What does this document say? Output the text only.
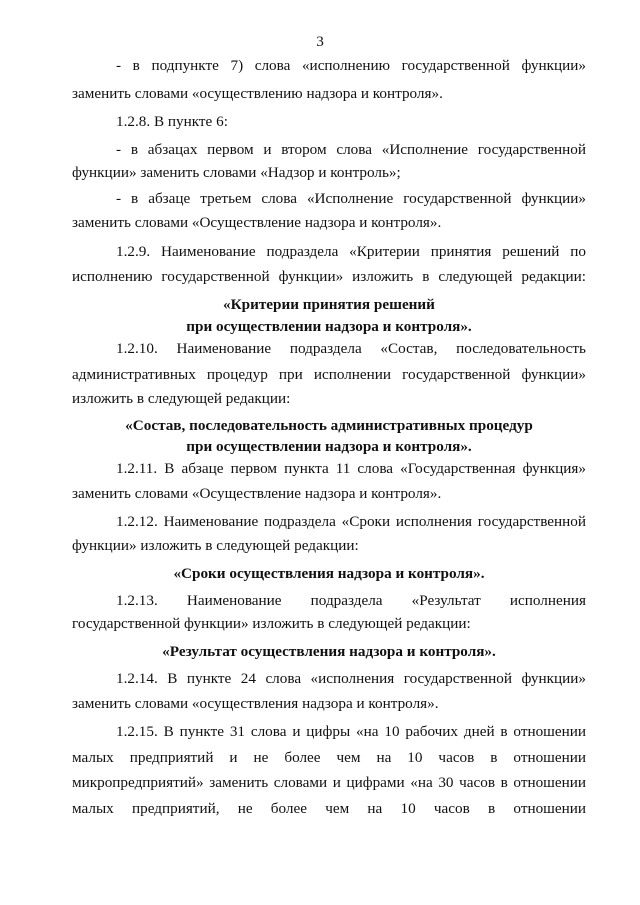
3
- в подпункте 7) слова «исполнению государственной функции»
заменить словами «осуществлению надзора и контроля».
1.2.8. В пункте 6:
- в абзацах первом и втором слова «Исполнение государственной
функции» заменить словами «Надзор и контроль»;
- в абзаце третьем слова «Исполнение государственной функции»
заменить словами «Осуществление надзора и контроля».
1.2.9. Наименование подраздела «Критерии принятия решений по
исполнению государственной функции» изложить в следующей редакции:
«Критерии принятия решений
при осуществлении надзора и контроля».
1.2.10. Наименование подраздела «Состав, последовательность
административных процедур при исполнении государственной функции»
изложить в следующей редакции:
«Состав, последовательность административных процедур
при осуществлении надзора и контроля».
1.2.11. В абзаце первом пункта 11 слова «Государственная функция»
заменить словами «Осуществление надзора и контроля».
1.2.12. Наименование подраздела «Сроки исполнения государственной
функции» изложить в следующей редакции:
«Сроки осуществления надзора и контроля».
1.2.13. Наименование подраздела «Результат исполнения
государственной функции» изложить в следующей редакции:
«Результат осуществления надзора и контроля».
1.2.14. В пункте 24 слова «исполнения государственной функции»
заменить словами «осуществления надзора и контроля».
1.2.15. В пункте 31 слова и цифры «на 10 рабочих дней в отношении
малых предприятий и не более чем на 10 часов в отношении
микропредприятий» заменить словами и цифрами «на 30 часов в отношении
малых предприятий, не более чем на 10 часов в отношении
